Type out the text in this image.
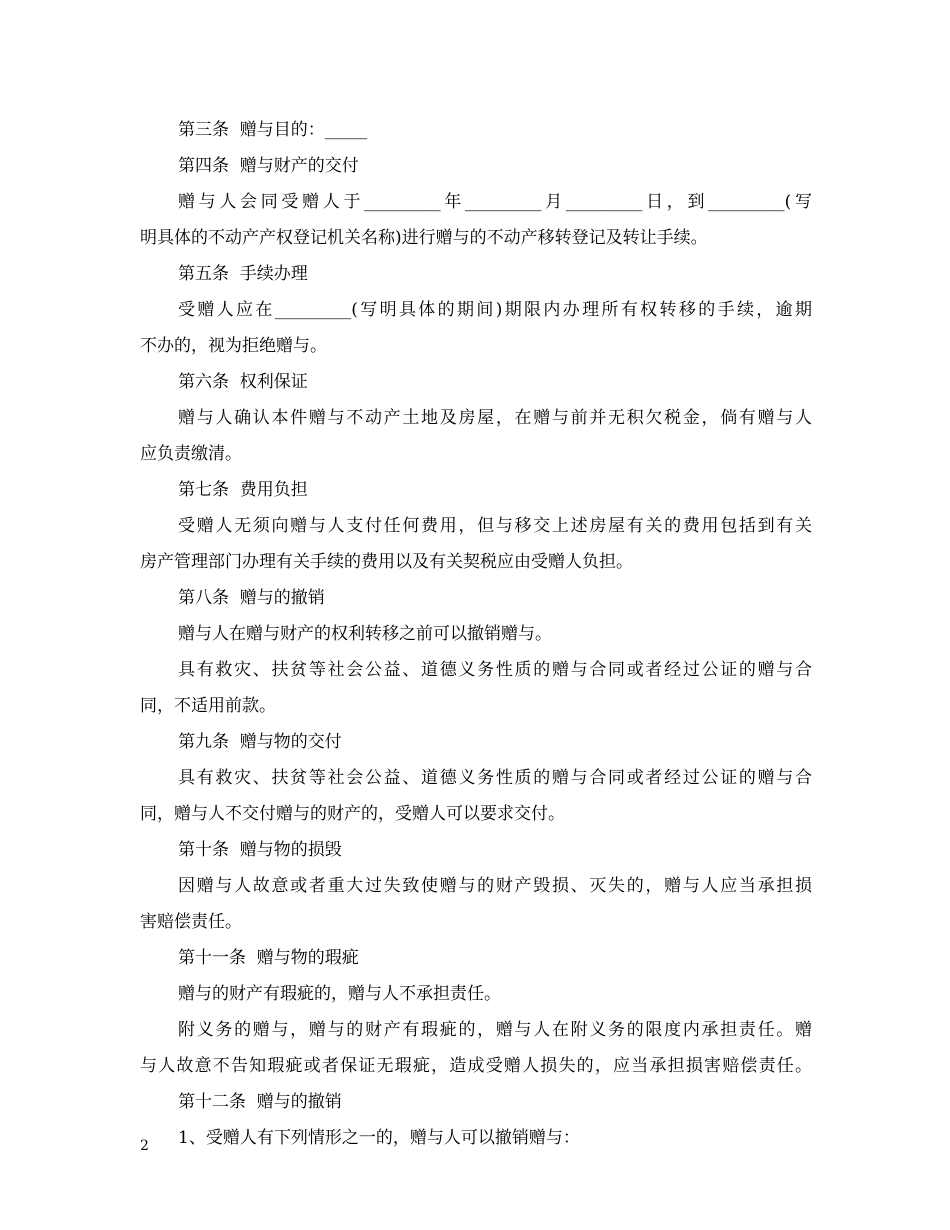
第三条  赠与目的：_____
第四条  赠与财产的交付
赠与人会同受赠人于_________年_________月_________日，到_________(写
明具体的不动产产权登记机关名称)进行赠与的不动产移转登记及转让手续。
第五条  手续办理
受赠人应在_________(写明具体的期间)期限内办理所有权转移的手续，逾期
不办的，视为拒绝赠与。
第六条  权利保证
赠与人确认本件赠与不动产土地及房屋，在赠与前并无积欠税金，倘有赠与人
应负责缴清。
第七条  费用负担
受赠人无须向赠与人支付任何费用，但与移交上述房屋有关的费用包括到有关
房产管理部门办理有关手续的费用以及有关契税应由受赠人负担。
第八条  赠与的撤销
赠与人在赠与财产的权利转移之前可以撤销赠与。
具有救灾、扶贫等社会公益、道德义务性质的赠与合同或者经过公证的赠与合
同，不适用前款。
第九条  赠与物的交付
具有救灾、扶贫等社会公益、道德义务性质的赠与合同或者经过公证的赠与合
同，赠与人不交付赠与的财产的，受赠人可以要求交付。
第十条  赠与物的损毁
因赠与人故意或者重大过失致使赠与的财产毁损、灭失的，赠与人应当承担损
害赔偿责任。
第十一条  赠与物的瑕疵
赠与的财产有瑕疵的，赠与人不承担责任。
附义务的赠与，赠与的财产有瑕疵的，赠与人在附义务的限度内承担责任。赠
与人故意不告知瑕疵或者保证无瑕疵，造成受赠人损失的，应当承担损害赔偿责任。
第十二条  赠与的撤销
1、受赠人有下列情形之一的，赠与人可以撤销赠与：
2
